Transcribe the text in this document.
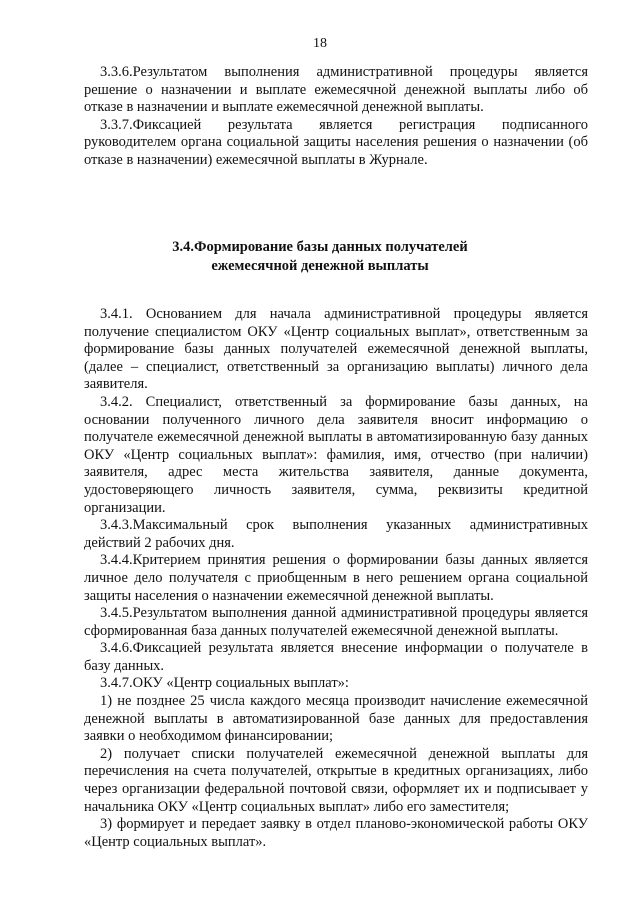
18

3.3.6.Результатом выполнения административной процедуры является решение о назначении и выплате ежемесячной денежной выплаты либо об отказе в назначении и выплате ежемесячной денежной выплаты.

3.3.7.Фиксацией результата является регистрация подписанного руководителем органа социальной защиты населения решения о назначении (об отказе в назначении) ежемесячной выплаты в Журнале.

3.4.Формирование базы данных получателей
ежемесячной денежной выплаты

3.4.1. Основанием для начала административной процедуры является получение специалистом ОКУ «Центр социальных выплат», ответственным за формирование базы данных получателей ежемесячной денежной выплаты, (далее – специалист, ответственный за организацию выплаты) личного дела заявителя.

3.4.2. Специалист, ответственный за формирование базы данных, на основании полученного личного дела заявителя вносит информацию о получателе ежемесячной денежной выплаты в автоматизированную базу данных ОКУ «Центр социальных выплат»: фамилия, имя, отчество (при наличии) заявителя, адрес места жительства заявителя, данные документа, удостоверяющего личность заявителя, сумма, реквизиты кредитной организации.

3.4.3.Максимальный срок выполнения указанных административных действий 2 рабочих дня.

3.4.4.Критерием принятия решения о формировании базы данных является личное дело получателя с приобщенным в него решением органа социальной защиты населения о назначении ежемесячной денежной выплаты.

3.4.5.Результатом выполнения данной административной процедуры является сформированная база данных получателей ежемесячной денежной выплаты.

3.4.6.Фиксацией результата является внесение информации о получателе в базу данных.

3.4.7.ОКУ «Центр социальных выплат»:

1) не позднее 25 числа каждого месяца производит начисление ежемесячной денежной выплаты в автоматизированной базе данных для предоставления заявки о необходимом финансировании;

2) получает списки получателей ежемесячной денежной выплаты для перечисления на счета получателей, открытые в кредитных организациях, либо через организации федеральной почтовой связи, оформляет их и подписывает у начальника ОКУ «Центр социальных выплат» либо его заместителя;

3) формирует и передает заявку в отдел планово-экономической работы ОКУ «Центр социальных выплат».
